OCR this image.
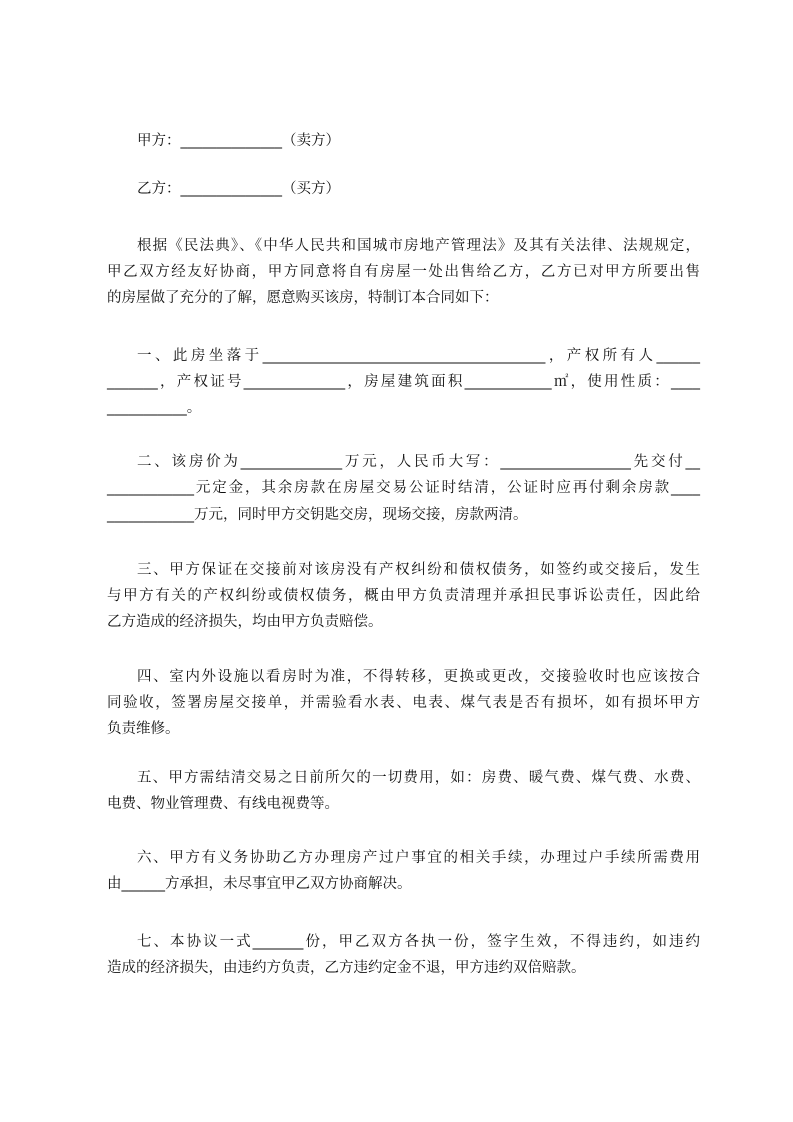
甲方：______________（卖方）
乙方：______________（买方）
根据《民法典》、《中华人民共和国城市房地产管理法》及其有关法律、法规规定，
甲乙双方经友好协商，甲方同意将自有房屋一处出售给乙方，乙方已对甲方所要出售
的房屋做了充分的了解，愿意购买该房，特制订本合同如下：
一、此房坐落于_______________________________________，产权所有人______
_______，产权证号______________，房屋建筑面积____________㎡，使用性质：____
___________。
二、该房价为______________万元，人民币大写：__________________先交付__
____________元定金，其余房款在房屋交易公证时结清，公证时应再付剩余房款____
____________万元，同时甲方交钥匙交房，现场交接，房款两清。
三、甲方保证在交接前对该房没有产权纠纷和债权债务，如签约或交接后，发生
与甲方有关的产权纠纷或债权债务，概由甲方负责清理并承担民事诉讼责任，因此给
乙方造成的经济损失，均由甲方负责赔偿。
四、室内外设施以看房时为准，不得转移，更换或更改，交接验收时也应该按合
同验收，签署房屋交接单，并需验看水表、电表、煤气表是否有损坏，如有损坏甲方
负责维修。
五、甲方需结清交易之日前所欠的一切费用，如：房费、暖气费、煤气费、水费、
电费、物业管理费、有线电视费等。
六、甲方有义务协助乙方办理房产过户事宜的相关手续，办理过户手续所需费用
由______方承担，未尽事宜甲乙双方协商解决。
七、本协议一式_______份，甲乙双方各执一份，签字生效，不得违约，如违约
造成的经济损失，由违约方负责，乙方违约定金不退，甲方违约双倍赔款。
